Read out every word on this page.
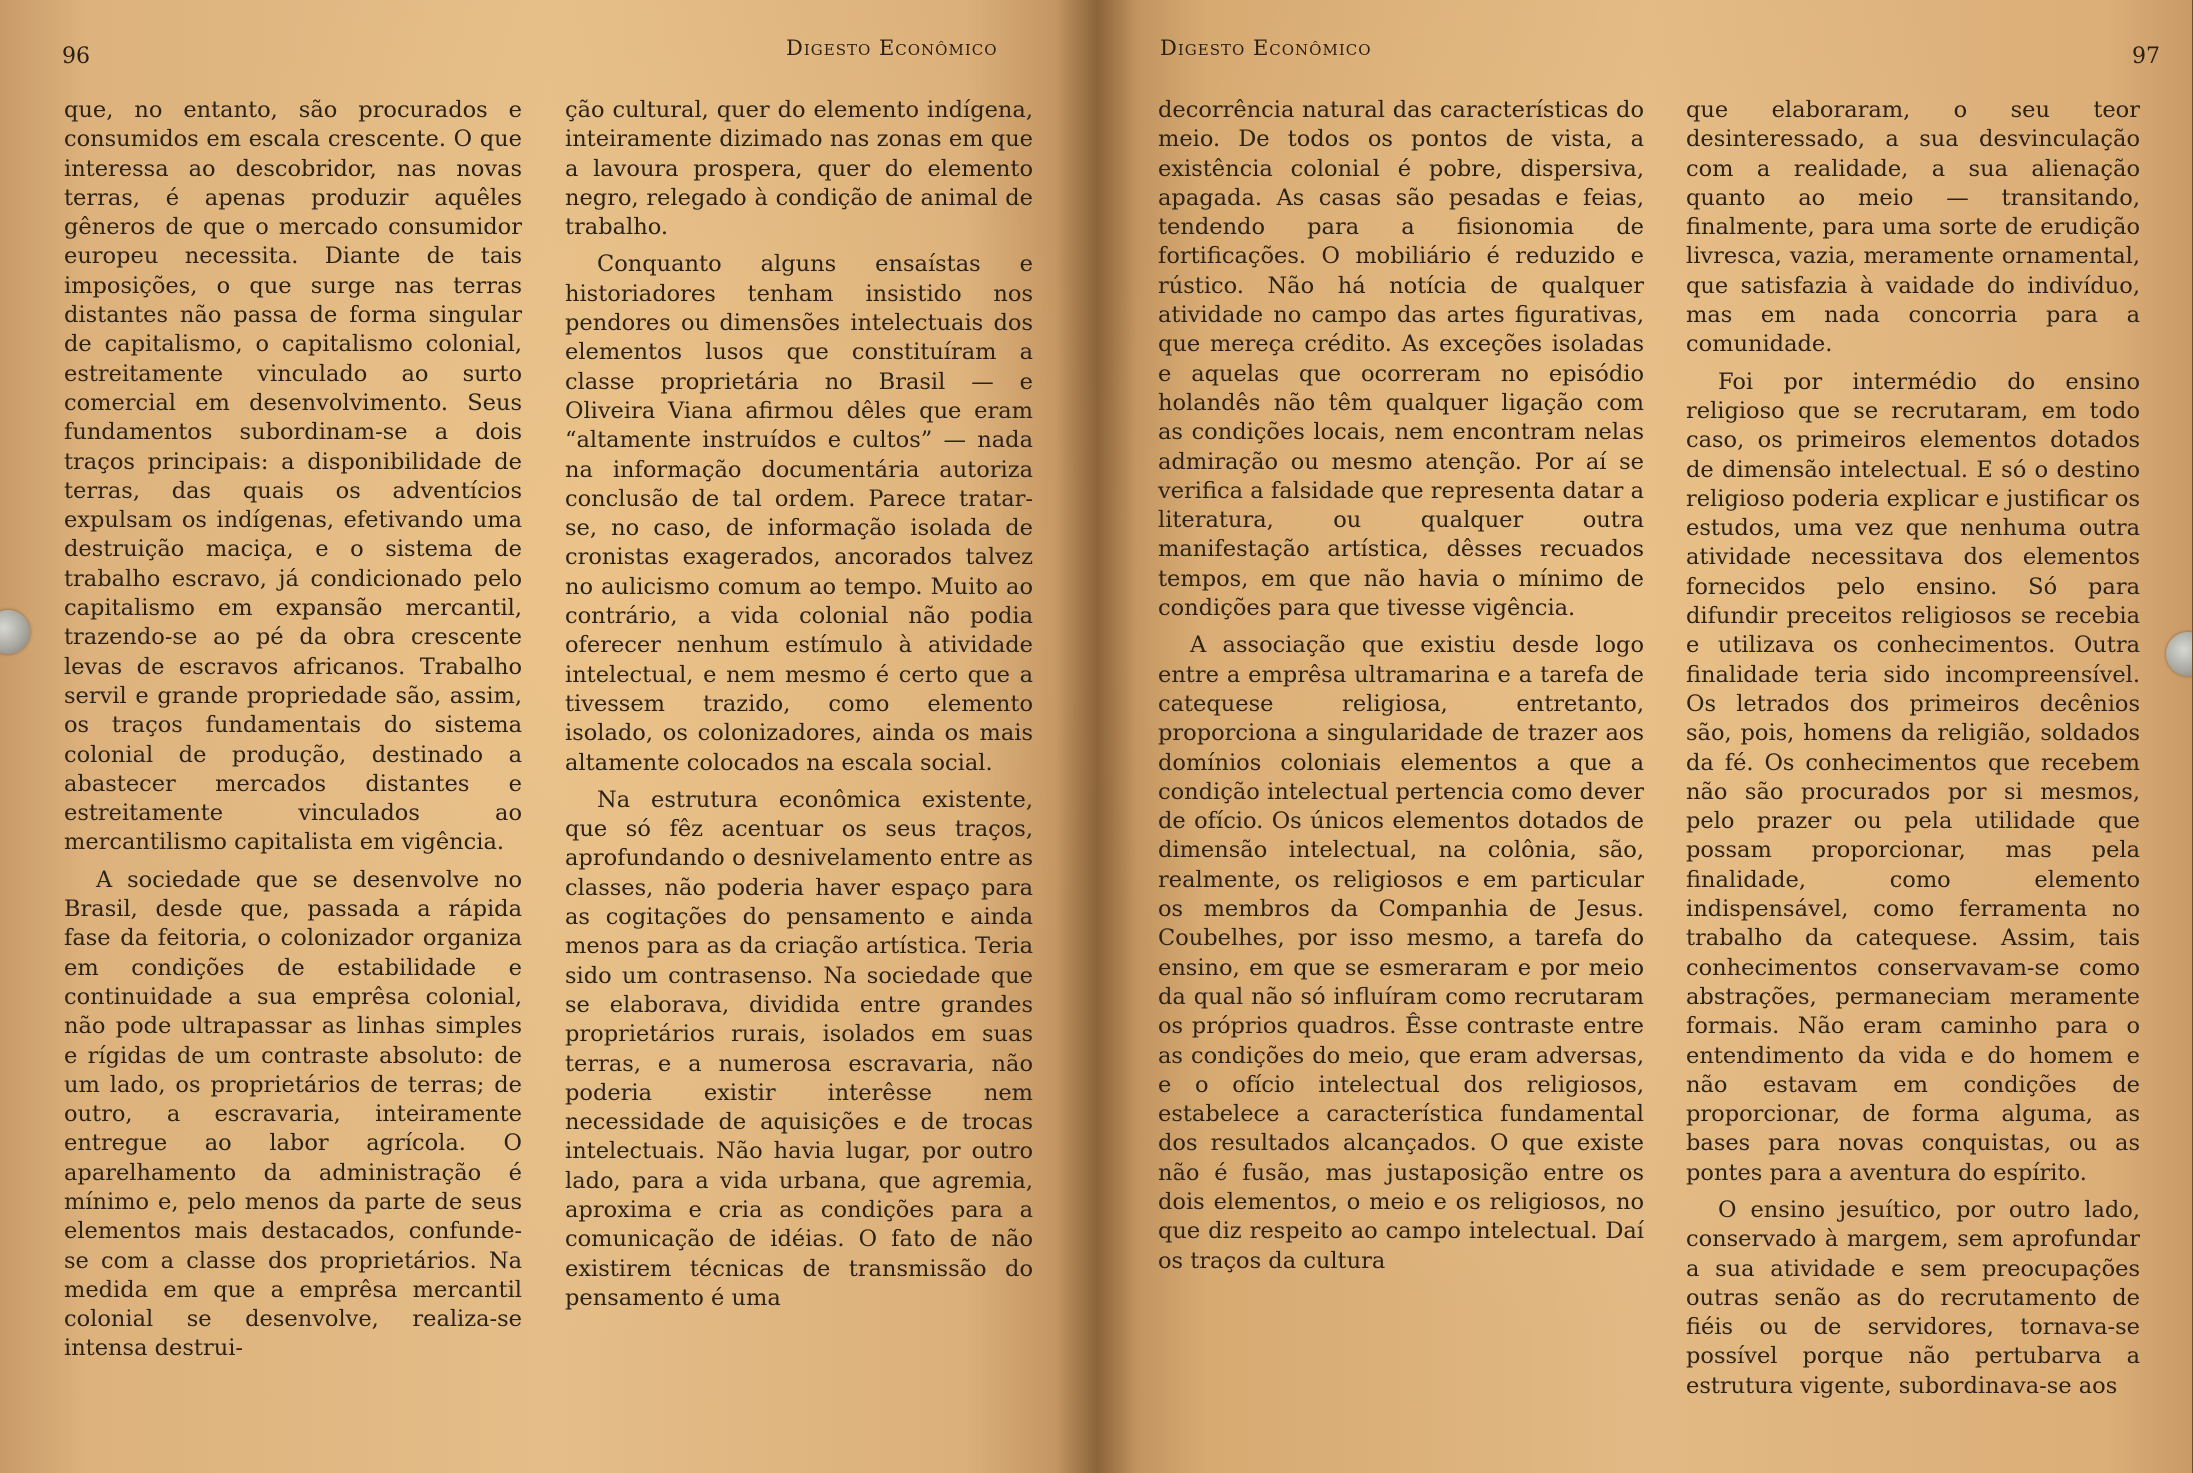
96	Digesto Econômico

que, no entanto, são procurados e consumidos em escala crescente. O que interessa ao descobridor, nas novas terras, é apenas produzir aquêles gêneros de que o mercado consumidor europeu necessita. Diante de tais imposições, o que surge nas terras distantes não passa de forma singular de capitalismo, o capitalismo colonial, estreitamente vinculado ao surto comercial em desenvolvimento. Seus fundamentos subordinam-se a dois traços principais: a disponibilidade de terras, das quais os adventícios expulsam os indígenas, efetivando uma destruição maciça, e o sistema de trabalho escravo, já condicionado pelo capitalismo em expansão mercantil, trazendo-se ao pé da obra crescente levas de escravos africanos. Trabalho servil e grande propriedade são, assim, os traços fundamentais do sistema colonial de produção, destinado a abastecer mercados distantes e estreitamente vinculados ao mercantilismo capitalista em vigência.

A sociedade que se desenvolve no Brasil, desde que, passada a rápida fase da feitoria, o colonizador organiza em condições de estabilidade e continuidade a sua emprêsa colonial, não pode ultrapassar as linhas simples e rígidas de um contraste absoluto: de um lado, os proprietários de terras; de outro, a escravaria, inteiramente entregue ao labor agrícola. O aparelhamento da administração é mínimo e, pelo menos da parte de seus elementos mais destacados, confunde-se com a classe dos proprietários. Na medida em que a emprêsa mercantil colonial se desenvolve, realiza-se intensa destrui-

ção cultural, quer do elemento indígena, inteiramente dizimado nas zonas em que a lavoura prospera, quer do elemento negro, relegado à condição de animal de trabalho.

Conquanto alguns ensaístas e historiadores tenham insistido nos pendores ou dimensões intelectuais dos elementos lusos que constituíram a classe proprietária no Brasil — e Oliveira Viana afirmou dêles que eram “altamente instruídos e cultos” — nada na informação documentária autoriza conclusão de tal ordem. Parece tratar-se, no caso, de informação isolada de cronistas exagerados, ancorados talvez no aulicismo comum ao tempo. Muito ao contrário, a vida colonial não podia oferecer nenhum estímulo à atividade intelectual, e nem mesmo é certo que a tivessem trazido, como elemento isolado, os colonizadores, ainda os mais altamente colocados na escala social.

Na estrutura econômica existente, que só fêz acentuar os seus traços, aprofundando o desnivelamento entre as classes, não poderia haver espaço para as cogitações do pensamento e ainda menos para as da criação artística. Teria sido um contrasenso. Na sociedade que se elaborava, dividida entre grandes proprietários rurais, isolados em suas terras, e a numerosa escravaria, não poderia existir interêsse nem necessidade de aquisições e de trocas intelectuais. Não havia lugar, por outro lado, para a vida urbana, que agremia, aproxima e cria as condições para a comunicação de idéias. O fato de não existirem técnicas de transmissão do pensamento é uma

Digesto Econômico	97

decorrência natural das características do meio. De todos os pontos de vista, a existência colonial é pobre, dispersiva, apagada. As casas são pesadas e feias, tendendo para a fisionomia de fortificações. O mobiliário é reduzido e rústico. Não há notícia de qualquer atividade no campo das artes figurativas, que mereça crédito. As exceções isoladas e aquelas que ocorreram no episódio holandês não têm qualquer ligação com as condições locais, nem encontram nelas admiração ou mesmo atenção. Por aí se verifica a falsidade que representa datar a literatura, ou qualquer outra manifestação artística, dêsses recuados tempos, em que não havia o mínimo de condições para que tivesse vigência.

A associação que existiu desde logo entre a emprêsa ultramarina e a tarefa de catequese religiosa, entretanto, proporciona a singularidade de trazer aos domínios coloniais elementos a que a condição intelectual pertencia como dever de ofício. Os únicos elementos dotados de dimensão intelectual, na colônia, são, realmente, os religiosos e em particular os membros da Companhia de Jesus. Coubelhes, por isso mesmo, a tarefa do ensino, em que se esmeraram e por meio da qual não só influíram como recrutaram os próprios quadros. Êsse contraste entre as condições do meio, que eram adversas, e o ofício intelectual dos religiosos, estabelece a característica fundamental dos resultados alcançados. O que existe não é fusão, mas justaposição entre os dois elementos, o meio e os religiosos, no que diz respeito ao campo intelectual. Daí os traços da cultura

que elaboraram, o seu teor desinteressado, a sua desvinculação com a realidade, a sua alienação quanto ao meio — transitando, finalmente, para uma sorte de erudição livresca, vazia, meramente ornamental, que satisfazia à vaidade do indivíduo, mas em nada concorria para a comunidade.

Foi por intermédio do ensino religioso que se recrutaram, em todo caso, os primeiros elementos dotados de dimensão intelectual. E só o destino religioso poderia explicar e justificar os estudos, uma vez que nenhuma outra atividade necessitava dos elementos fornecidos pelo ensino. Só para difundir preceitos religiosos se recebia e utilizava os conhecimentos. Outra finalidade teria sido incompreensível. Os letrados dos primeiros decênios são, pois, homens da religião, soldados da fé. Os conhecimentos que recebem não são procurados por si mesmos, pelo prazer ou pela utilidade que possam proporcionar, mas pela finalidade, como elemento indispensável, como ferramenta no trabalho da catequese. Assim, tais conhecimentos conservavam-se como abstrações, permaneciam meramente formais. Não eram caminho para o entendimento da vida e do homem e não estavam em condições de proporcionar, de forma alguma, as bases para novas conquistas, ou as pontes para a aventura do espírito.

O ensino jesuítico, por outro lado, conservado à margem, sem aprofundar a sua atividade e sem preocupações outras senão as do recrutamento de fiéis ou de servidores, tornava-se possível porque não pertubarva a estrutura vigente, subordinava-se aos
